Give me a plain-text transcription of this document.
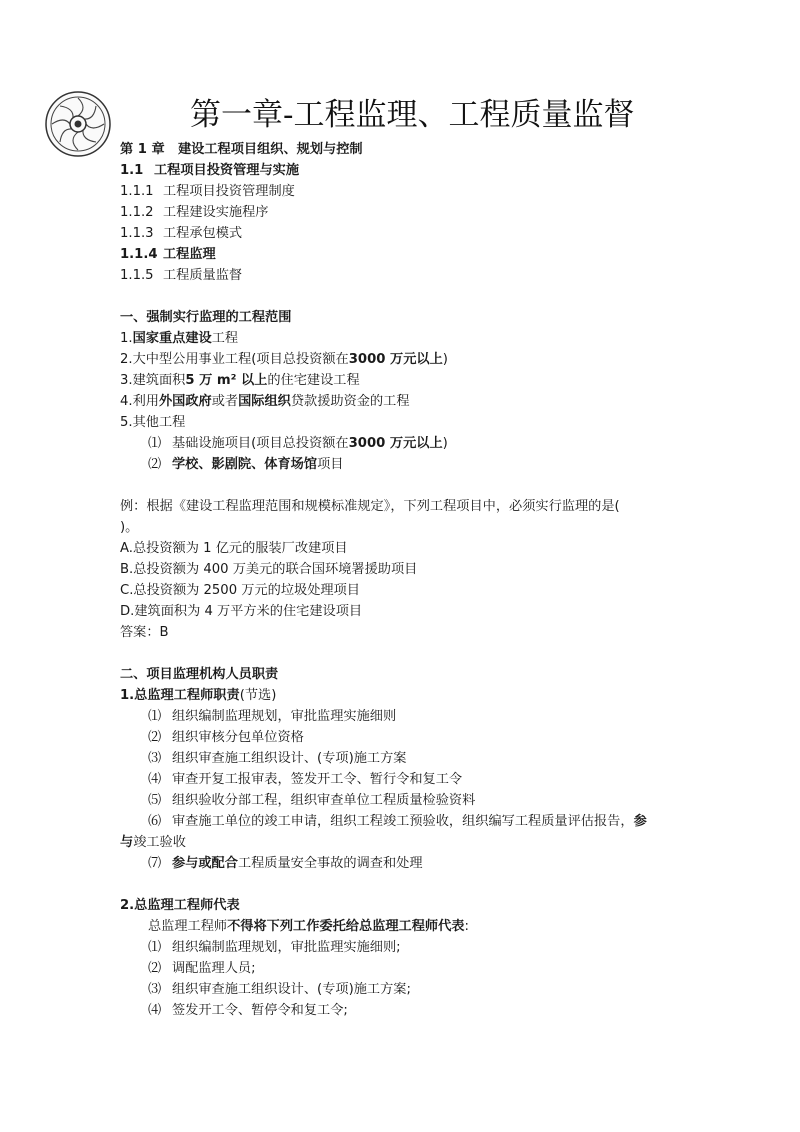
第一章-工程监理、工程质量监督
第 1 章 建设工程项目组织、规划与控制
1.1 工程项目投资管理与实施
1.1.1 工程项目投资管理制度
1.1.2 工程建设实施程序
1.1.3 工程承包模式
1.1.4 工程监理
1.1.5 工程质量监督
一、强制实行监理的工程范围
1.国家重点建设工程
2.大中型公用事业工程(项目总投资额在3000 万元以上)
3.建筑面积5 万 m² 以上的住宅建设工程
4.利用外国政府或者国际组织贷款援助资金的工程
5.其他工程
⑴ 基础设施项目(项目总投资额在3000 万元以上)
⑵ 学校、影剧院、体育场馆项目
例：根据《建设工程监理范围和规模标准规定》，下列工程项目中，必须实行监理的是(
)。
A.总投资额为 1 亿元的服装厂改建项目
B.总投资额为 400 万美元的联合国环境署援助项目
C.总投资额为 2500 万元的垃圾处理项目
D.建筑面积为 4 万平方米的住宅建设项目
答案：B
二、项目监理机构人员职责
1.总监理工程师职责(节选)
⑴ 组织编制监理规划，审批监理实施细则
⑵ 组织审核分包单位资格
⑶ 组织审查施工组织设计、(专项)施工方案
⑷ 审查开复工报审表，签发开工令、暂行令和复工令
⑸ 组织验收分部工程，组织审查单位工程质量检验资料
⑹ 审查施工单位的竣工申请，组织工程竣工预验收，组织编写工程质量评估报告，参
与竣工验收
⑺ 参与或配合工程质量安全事故的调查和处理
2.总监理工程师代表
总监理工程师不得将下列工作委托给总监理工程师代表:
⑴ 组织编制监理规划，审批监理实施细则;
⑵ 调配监理人员;
⑶ 组织审查施工组织设计、(专项)施工方案;
⑷ 签发开工令、暂停令和复工令;
